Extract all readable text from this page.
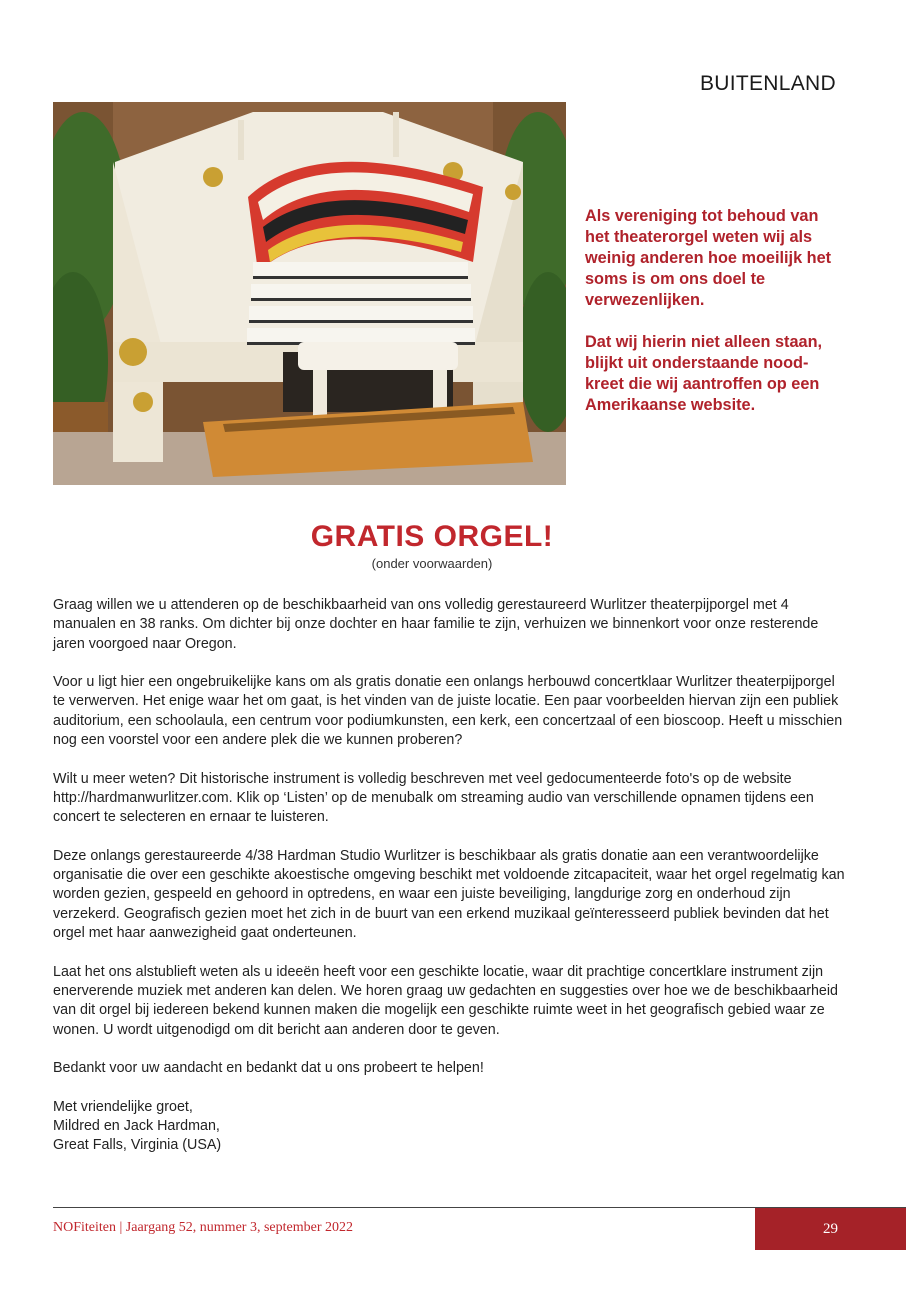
BUITENLAND

Als vereniging tot behoud van het theaterorgel weten wij als weinig anderen hoe moeilijk het soms is om ons doel te verwezenlijken.

Dat wij hierin niet alleen staan, blijkt uit onderstaande nood-kreet die wij aantroffen op een Amerikaanse website.

GRATIS ORGEL!
(onder voorwaarden)

Graag willen we u attenderen op de beschikbaarheid van ons volledig gerestaureerd Wurlitzer theaterpijporgel met 4 manualen en 38 ranks. Om dichter bij onze dochter en haar familie te zijn, verhuizen we binnenkort voor onze resterende jaren voorgoed naar Oregon.

Voor u ligt hier een ongebruikelijke kans om als gratis donatie een onlangs herbouwd concertklaar Wurlitzer theaterpijporgel te verwerven. Het enige waar het om gaat, is het vinden van de juiste locatie. Een paar voorbeelden hiervan zijn een publiek auditorium, een schoolaula, een centrum voor podiumkunsten, een kerk, een concertzaal of een bioscoop. Heeft u misschien nog een voorstel voor een andere plek die we kunnen proberen?

Wilt u meer weten? Dit historische instrument is volledig beschreven met veel gedocumenteerde foto's op de website http://hardmanwurlitzer.com. Klik op ‘Listen’ op de menubalk om streaming audio van verschillende opnamen tijdens een concert te selecteren en ernaar te luisteren.

Deze onlangs gerestaureerde 4/38 Hardman Studio Wurlitzer is beschikbaar als gratis donatie aan een verantwoordelijke organisatie die over een geschikte akoestische omgeving beschikt met voldoende zitcapaciteit, waar het orgel regelmatig kan worden gezien, gespeeld en gehoord in optredens, en waar een juiste beveiliging, langdurige zorg en onderhoud zijn verzekerd. Geografisch gezien moet het zich in de buurt van een erkend muzikaal geïnteresseerd publiek bevinden dat het orgel met haar aanwezigheid gaat onderteunen.

Laat het ons alstublieft weten als u ideeën heeft voor een geschikte locatie, waar dit prachtige concertklare instrument zijn enerverende muziek met anderen kan delen. We horen graag uw gedachten en suggesties over hoe we de beschikbaarheid van dit orgel bij iedereen bekend kunnen maken die mogelijk een geschikte ruimte weet in het geografisch gebied waar ze wonen. U wordt uitgenodigd om dit bericht aan anderen door te geven.

Bedankt voor uw aandacht en bedankt dat u ons probeert te helpen!

Met vriendelijke groet,
Mildred en Jack Hardman,
Great Falls, Virginia (USA)

NOFiteiten | Jaargang 52, nummer 3, september 2022	29
